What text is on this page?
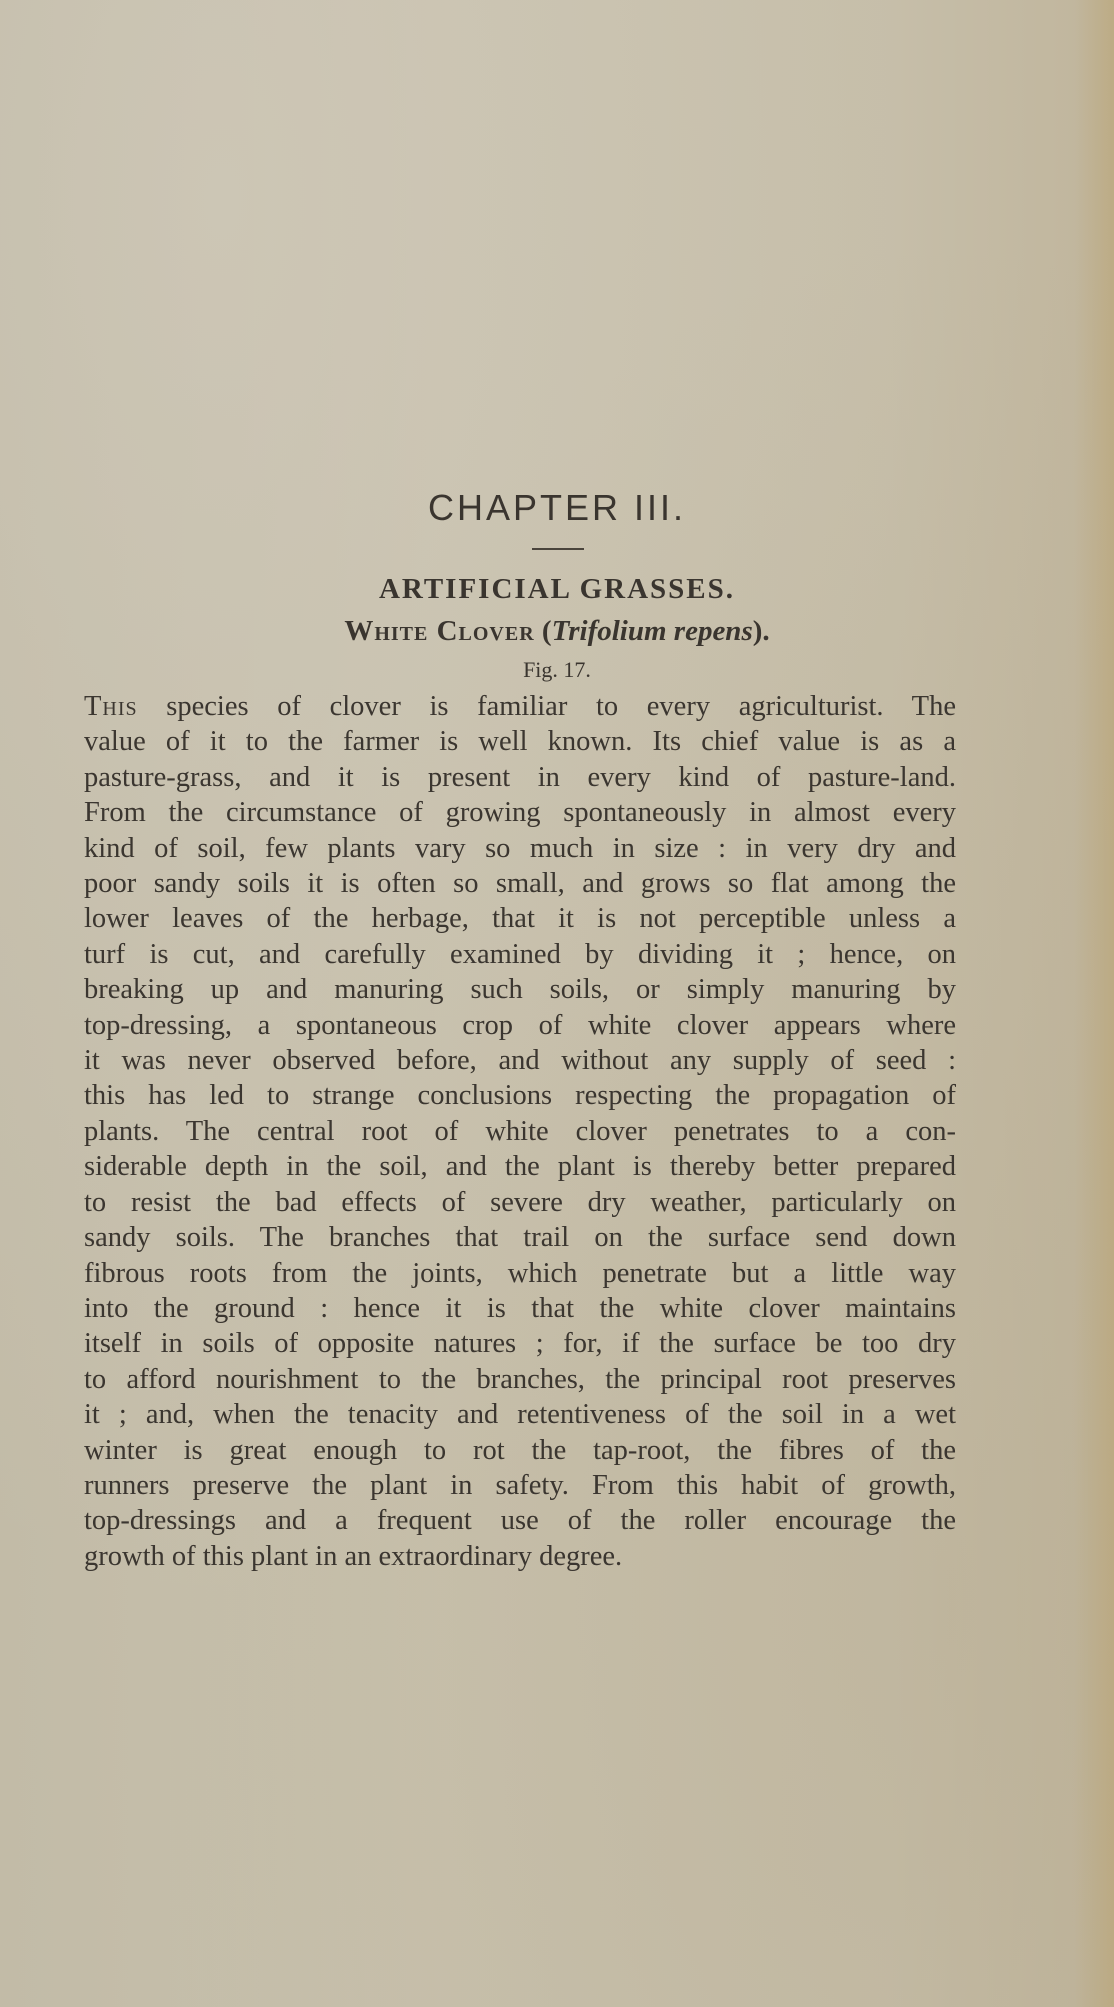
CHAPTER III.
ARTIFICIAL GRASSES.
White Clover (Trifolium repens).
Fig. 17.

This species of clover is familiar to every agriculturist. The
value of it to the farmer is well known. Its chief value is as a
pasture-grass, and it is present in every kind of pasture-land.
From the circumstance of growing spontaneously in almost every
kind of soil, few plants vary so much in size : in very dry and
poor sandy soils it is often so small, and grows so flat among the
lower leaves of the herbage, that it is not perceptible unless a
turf is cut, and carefully examined by dividing it ; hence, on
breaking up and manuring such soils, or simply manuring by
top-dressing, a spontaneous crop of white clover appears where
it was never observed before, and without any supply of seed :
this has led to strange conclusions respecting the propagation of
plants. The central root of white clover penetrates to a con-
siderable depth in the soil, and the plant is thereby better prepared
to resist the bad effects of severe dry weather, particularly on
sandy soils. The branches that trail on the surface send down
fibrous roots from the joints, which penetrate but a little way
into the ground : hence it is that the white clover maintains
itself in soils of opposite natures ; for, if the surface be too dry
to afford nourishment to the branches, the principal root preserves
it ; and, when the tenacity and retentiveness of the soil in a wet
winter is great enough to rot the tap-root, the fibres of the
runners preserve the plant in safety. From this habit of growth,
top-dressings and a frequent use of the roller encourage the
growth of this plant in an extraordinary degree.
